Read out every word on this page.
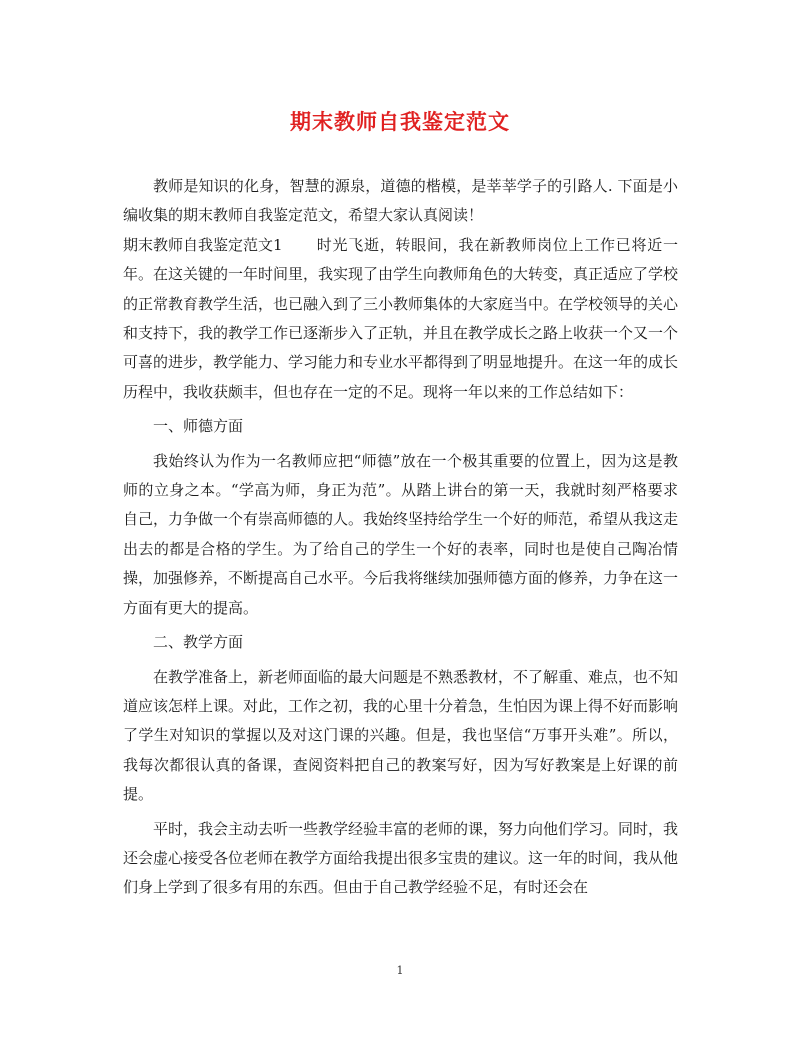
期末教师自我鉴定范文

教师是知识的化身，智慧的源泉，道德的楷模，是莘莘学子的引路人. 下面是小编收集的期末教师自我鉴定范文，希望大家认真阅读！

期末教师自我鉴定范文1 时光飞逝，转眼间，我在新教师岗位上工作已将近一年。在这关键的一年时间里，我实现了由学生向教师角色的大转变，真正适应了学校的正常教育教学生活，也已融入到了三小教师集体的大家庭当中。在学校领导的关心和支持下，我的教学工作已逐渐步入了正轨，并且在教学成长之路上收获一个又一个可喜的进步，教学能力、学习能力和专业水平都得到了明显地提升。在这一年的成长历程中，我收获颇丰，但也存在一定的不足。现将一年以来的工作总结如下：

一、师德方面

我始终认为作为一名教师应把“师德”放在一个极其重要的位置上，因为这是教师的立身之本。“学高为师，身正为范”。从踏上讲台的第一天，我就时刻严格要求自己，力争做一个有崇高师德的人。我始终坚持给学生一个好的师范，希望从我这走出去的都是合格的学生。为了给自己的学生一个好的表率，同时也是使自己陶冶情操，加强修养，不断提高自己水平。今后我将继续加强师德方面的修养，力争在这一方面有更大的提高。

二、教学方面

在教学准备上，新老师面临的最大问题是不熟悉教材，不了解重、难点，也不知道应该怎样上课。对此，工作之初，我的心里十分着急，生怕因为课上得不好而影响了学生对知识的掌握以及对这门课的兴趣。但是，我也坚信“万事开头难”。所以，我每次都很认真的备课，查阅资料把自己的教案写好，因为写好教案是上好课的前提。

平时，我会主动去听一些教学经验丰富的老师的课，努力向他们学习。同时，我还会虚心接受各位老师在教学方面给我提出很多宝贵的建议。这一年的时间，我从他们身上学到了很多有用的东西。但由于自己教学经验不足，有时还会在

1
